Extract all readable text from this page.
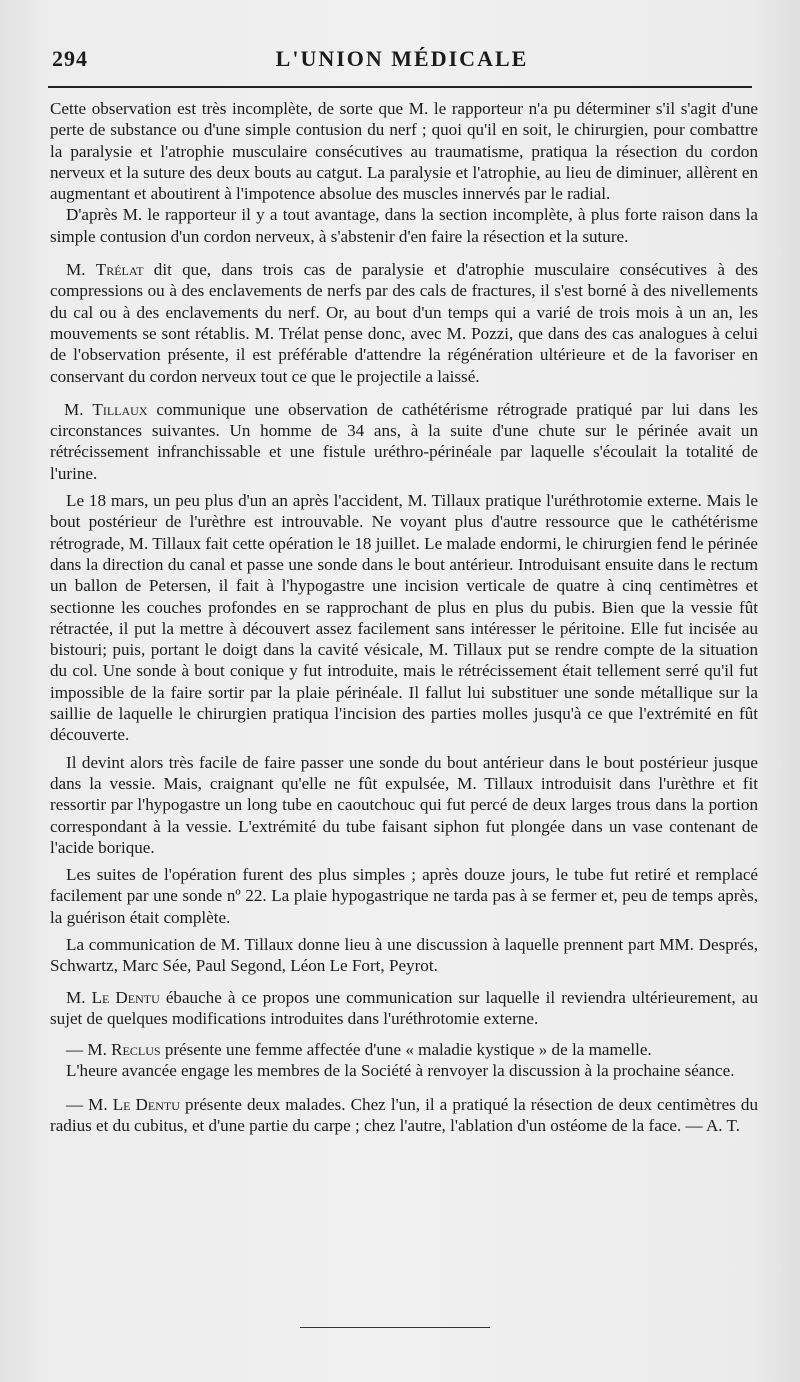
294	L'UNION MÉDICALE

Cette observation est très incomplète, de sorte que M. le rapporteur n'a pu déterminer s'il s'agit d'une perte de substance ou d'une simple contusion du nerf ; quoi qu'il en soit, le chirurgien, pour combattre la paralysie et l'atrophie musculaire consécutives au traumatisme, pratiqua la résection du cordon nerveux et la suture des deux bouts au catgut. La paralysie et l'atrophie, au lieu de diminuer, allèrent en augmentant et aboutirent à l'impotence absolue des muscles innervés par le radial.

D'après M. le rapporteur il y a tout avantage, dans la section incomplète, à plus forte raison dans la simple contusion d'un cordon nerveux, à s'abstenir d'en faire la résection et la suture.

M. Trélat dit que, dans trois cas de paralysie et d'atrophie musculaire consécutives à des compressions ou à des enclavements de nerfs par des cals de fractures, il s'est borné à des nivellements du cal ou à des enclavements du nerf. Or, au bout d'un temps qui a varié de trois mois à un an, les mouvements se sont rétablis. M. Trélat pense donc, avec M. Pozzi, que dans des cas analogues à celui de l'observation présente, il est préférable d'attendre la régénération ultérieure et de la favoriser en conservant du cordon nerveux tout ce que le projectile a laissé.

M. Tillaux communique une observation de cathétérisme rétrograde pratiqué par lui dans les circonstances suivantes. Un homme de 34 ans, à la suite d'une chute sur le périnée avait un rétrécissement infranchissable et une fistule uréthro-périnéale par laquelle s'écoulait la totalité de l'urine.

Le 18 mars, un peu plus d'un an après l'accident, M. Tillaux pratique l'uréthrotomie externe. Mais le bout postérieur de l'urèthre est introuvable. Ne voyant plus d'autre ressource que le cathétérisme rétrograde, M. Tillaux fait cette opération le 18 juillet. Le malade endormi, le chirurgien fend le périnée dans la direction du canal et passe une sonde dans le bout antérieur. Introduisant ensuite dans le rectum un ballon de Petersen, il fait à l'hypogastre une incision verticale de quatre à cinq centimètres et sectionne les couches profondes en se rapprochant de plus en plus du pubis. Bien que la vessie fût rétractée, il put la mettre à découvert assez facilement sans intéresser le péritoine. Elle fut incisée au bistouri; puis, portant le doigt dans la cavité vésicale, M. Tillaux put se rendre compte de la situation du col. Une sonde à bout conique y fut introduite, mais le rétrécissement était tellement serré qu'il fut impossible de la faire sortir par la plaie périnéale. Il fallut lui substituer une sonde métallique sur la saillie de laquelle le chirurgien pratiqua l'incision des parties molles jusqu'à ce que l'extrémité en fût découverte.

Il devint alors très facile de faire passer une sonde du bout antérieur dans le bout postérieur jusque dans la vessie. Mais, craignant qu'elle ne fût expulsée, M. Tillaux introduisit dans l'urèthre et fit ressortir par l'hypogastre un long tube en caoutchouc qui fut percé de deux larges trous dans la portion correspondant à la vessie. L'extrémité du tube faisant siphon fut plongée dans un vase contenant de l'acide borique.

Les suites de l'opération furent des plus simples ; après douze jours, le tube fut retiré et remplacé facilement par une sonde nº 22. La plaie hypogastrique ne tarda pas à se fermer et, peu de temps après, la guérison était complète.

La communication de M. Tillaux donne lieu à une discussion à laquelle prennent part MM. Després, Schwartz, Marc Sée, Paul Segond, Léon Le Fort, Peyrot.

M. Le Dentu ébauche à ce propos une communication sur laquelle il reviendra ultérieurement, au sujet de quelques modifications introduites dans l'uréthrotomie externe.

— M. Reclus présente une femme affectée d'une « maladie kystique » de la mamelle.

L'heure avancée engage les membres de la Société à renvoyer la discussion à la prochaine séance.

— M. Le Dentu présente deux malades. Chez l'un, il a pratiqué la résection de deux centimètres du radius et du cubitus, et d'une partie du carpe ; chez l'autre, l'ablation d'un ostéome de la face. — A. T.
